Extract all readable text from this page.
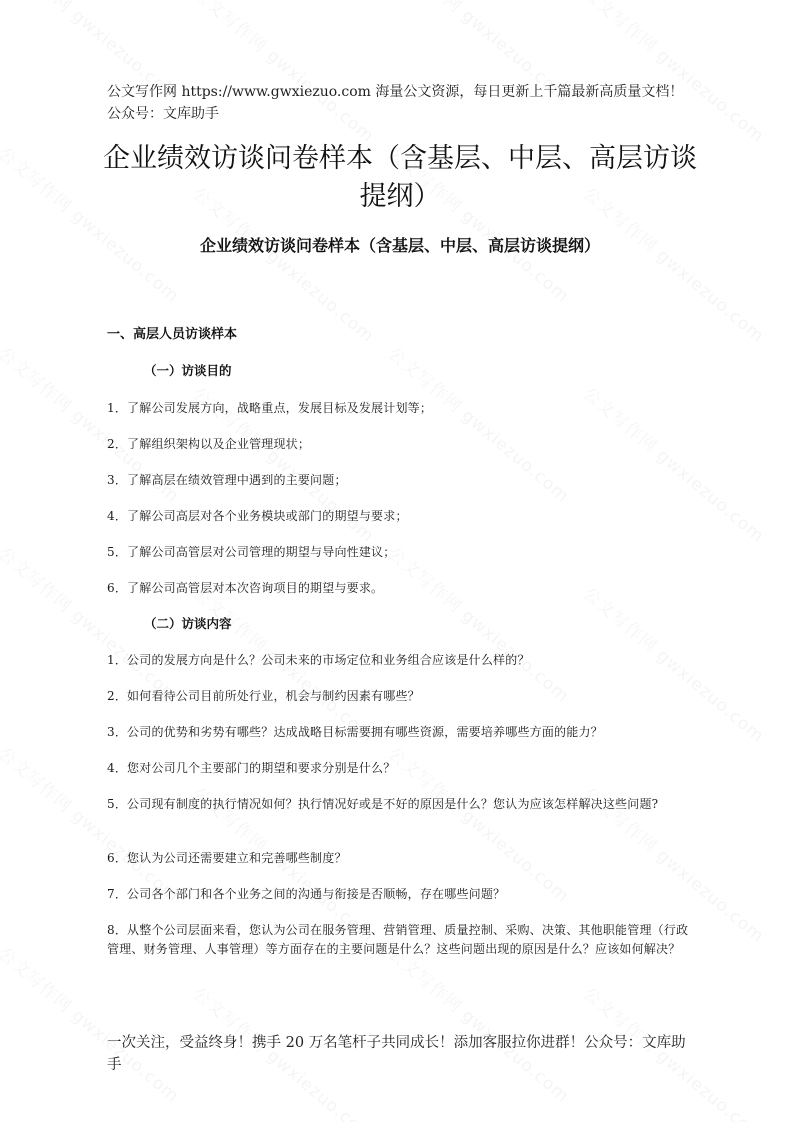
公文写作网 https://www.gwxiezuo.com 海量公文资源，每日更新上千篇最新高质量文档！ 公众号：文库助手

企业绩效访谈问卷样本（含基层、中层、高层访谈提纲）
企业绩效访谈问卷样本（含基层、中层、高层访谈提纲）
一、高层人员访谈样本
（一）访谈目的

1．了解公司发展方向，战略重点，发展目标及发展计划等；

2．了解组织架构以及企业管理现状；

3．了解高层在绩效管理中遇到的主要问题；

4．了解公司高层对各个业务模块或部门的期望与要求；

5．了解公司高管层对公司管理的期望与导向性建议；

6．了解公司高管层对本次咨询项目的期望与要求。

（二）访谈内容

1．公司的发展方向是什么？公司未来的市场定位和业务组合应该是什么样的？

2．如何看待公司目前所处行业，机会与制约因素有哪些？

3．公司的优势和劣势有哪些？达成战略目标需要拥有哪些资源，需要培养哪些方面的能力？

4．您对公司几个主要部门的期望和要求分别是什么？

5．公司现有制度的执行情况如何？执行情况好或是不好的原因是什么？您认为应该怎样解决这些问题?

6．您认为公司还需要建立和完善哪些制度？

7．公司各个部门和各个业务之间的沟通与衔接是否顺畅，存在哪些问题？

8．从整个公司层面来看，您认为公司在服务管理、营销管理、质量控制、采购、决策、其他职能管理（行政管理、财务管理、人事管理）等方面存在的主要问题是什么？这些问题出现的原因是什么？应该如何解决？

一次关注，受益终身！携手 20 万名笔杆子共同成长！添加客服拉你进群！公众号：文库助手
